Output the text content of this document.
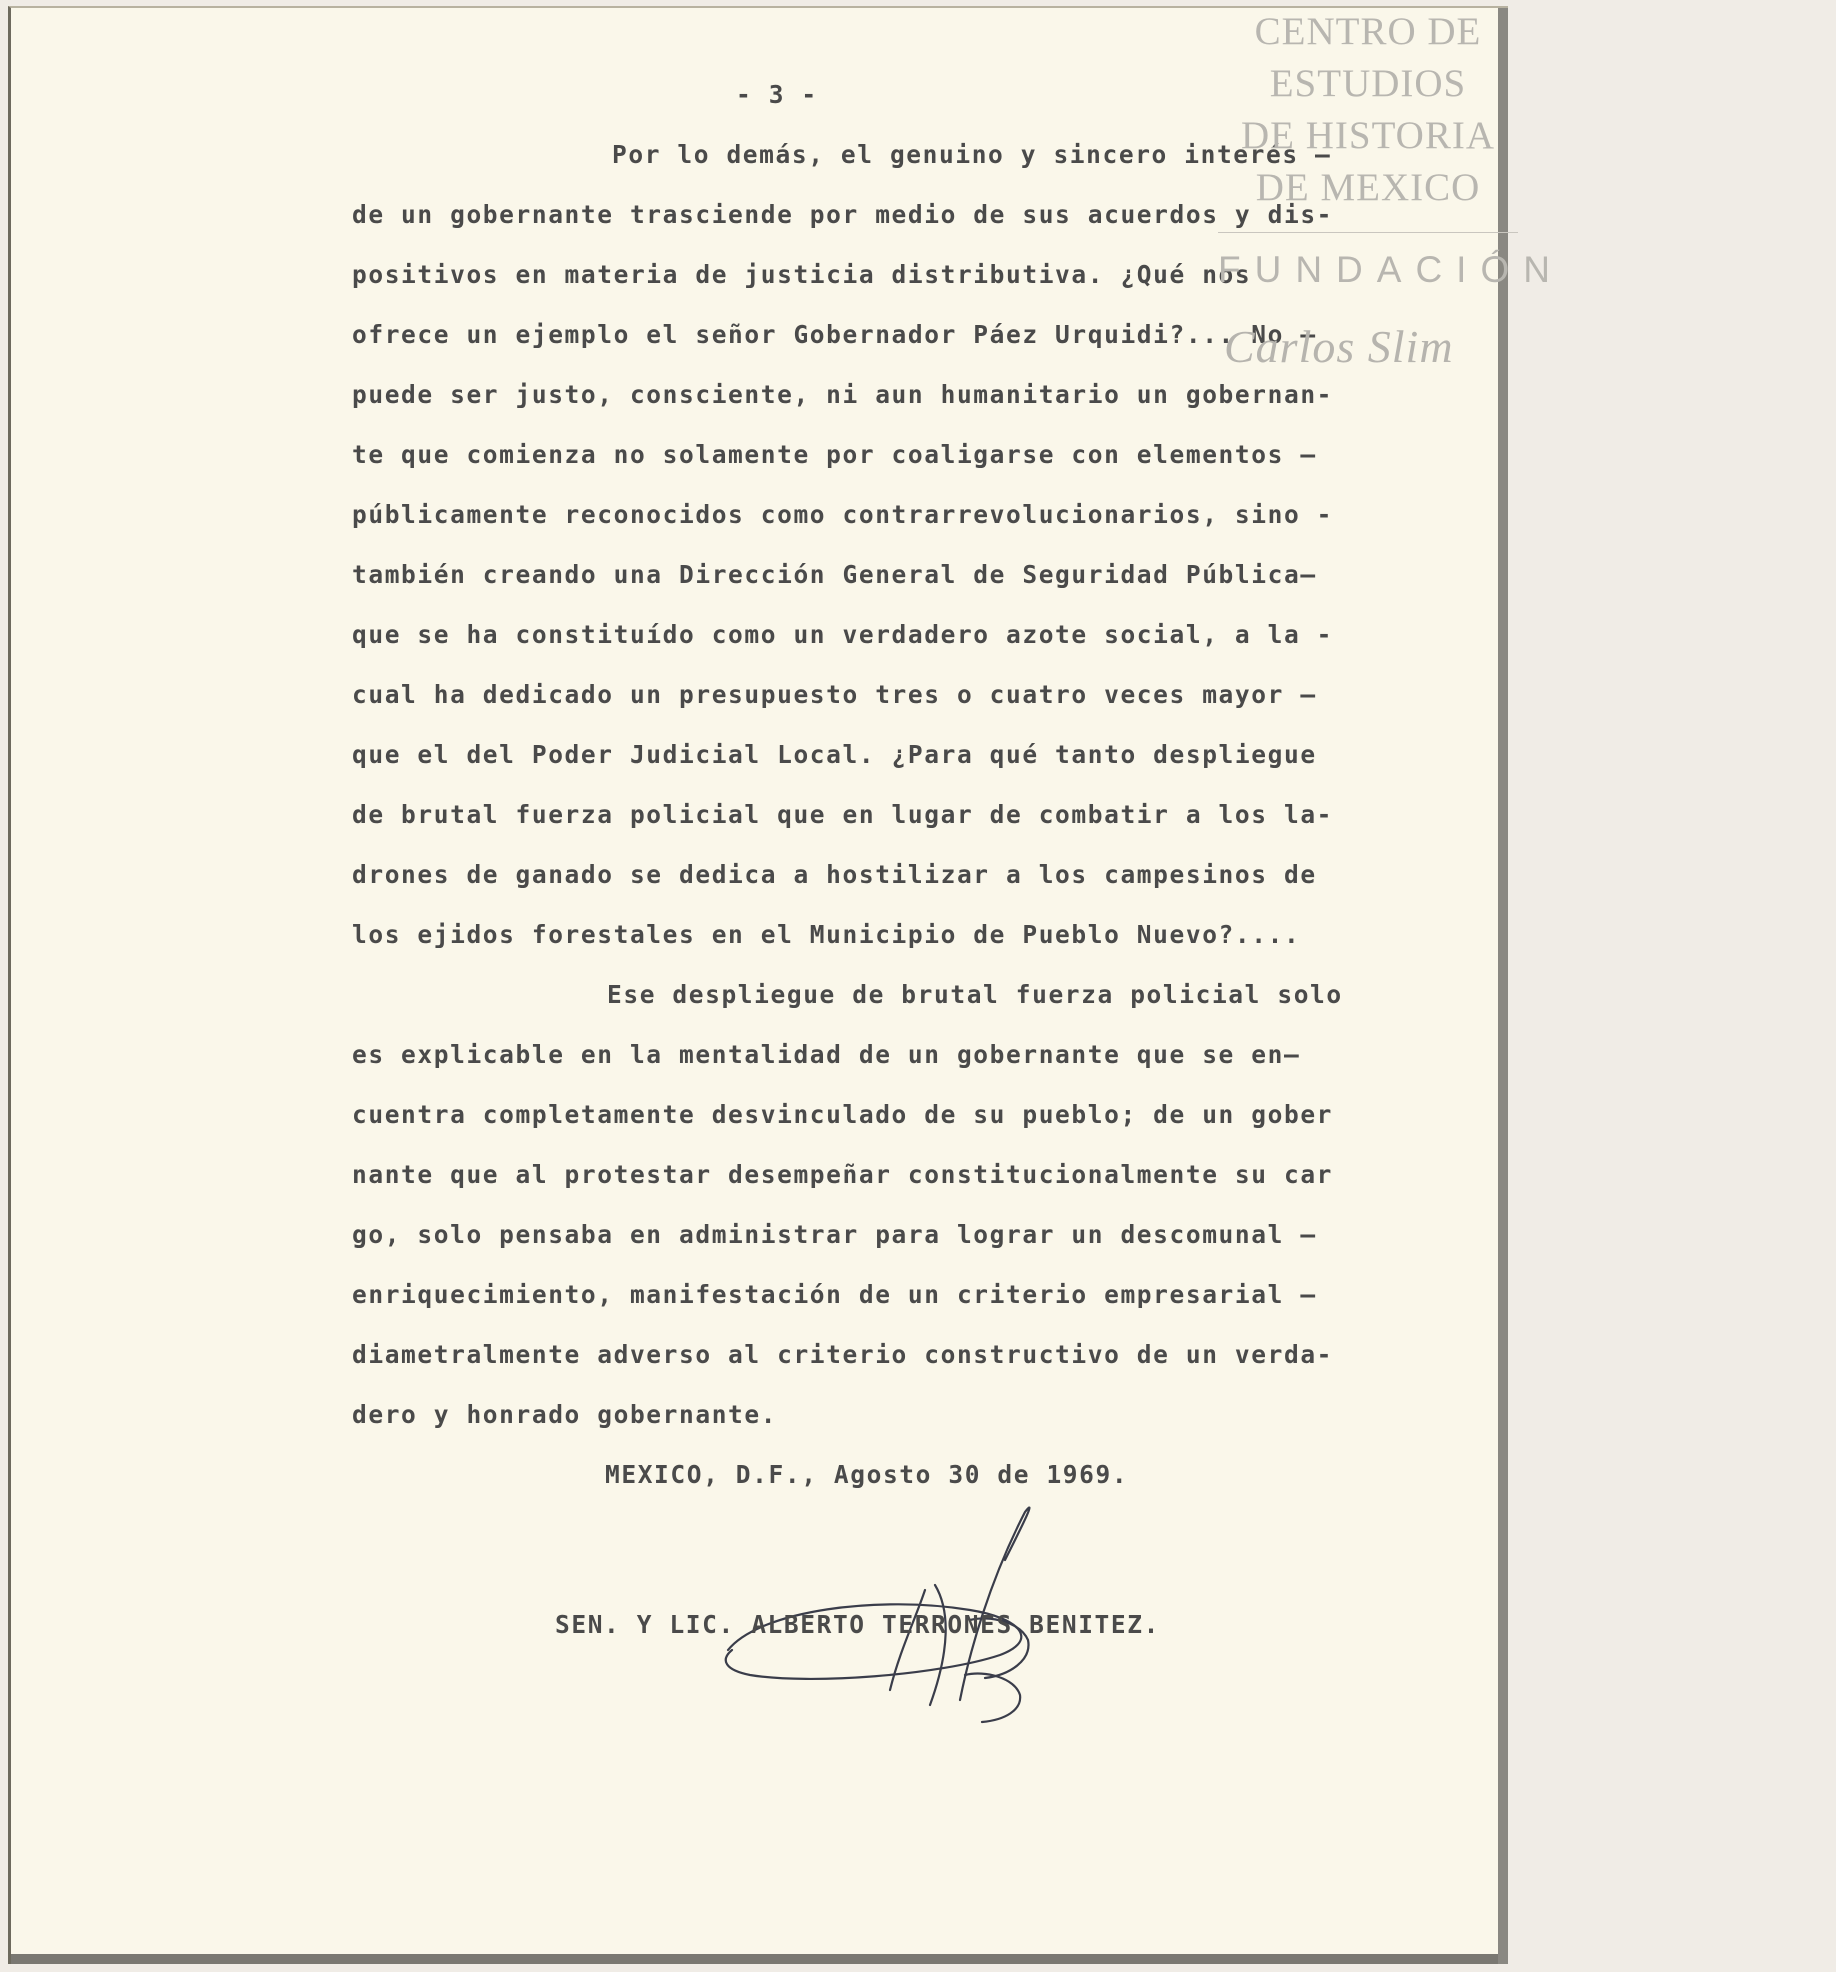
- 3 -

Por lo demás, el genuino y sincero interés —

de un gobernante trasciende por medio de sus acuerdos y dis-

positivos en materia de justicia distributiva. ¿Qué nos

ofrece un ejemplo el señor Gobernador Páez Urquidi?... No —

puede ser justo, consciente, ni aun humanitario un gobernan-

te que comienza no solamente por coaligarse con elementos —

públicamente reconocidos como contrarrevolucionarios, sino -

también creando una Dirección General de Seguridad Pública—

que se ha constituído como un verdadero azote social, a la -

cual ha dedicado un presupuesto tres o cuatro veces mayor —

que el del Poder Judicial Local. ¿Para qué tanto despliegue

de brutal fuerza policial que en lugar de combatir a los la-

drones de ganado se dedica a hostilizar a los campesinos de

los ejidos forestales en el Municipio de Pueblo Nuevo?....

Ese despliegue de brutal fuerza policial solo

es explicable en la mentalidad de un gobernante que se en—

cuentra completamente desvinculado de su pueblo; de un gober

nante que al protestar desempeñar constitucionalmente su car

go, solo pensaba en administrar para lograr un descomunal —

enriquecimiento, manifestación de un criterio empresarial —

diametralmente adverso al criterio constructivo de un verda-

dero y honrado gobernante.

MEXICO, D.F., Agosto 30 de 1969.
SEN. Y LIC. ALBERTO TERRONES BENITEZ.
CENTRO DE
ESTUDIOS
DE HISTORIA
DE MEXICO
FUNDACIÓN
Carlos Slim
